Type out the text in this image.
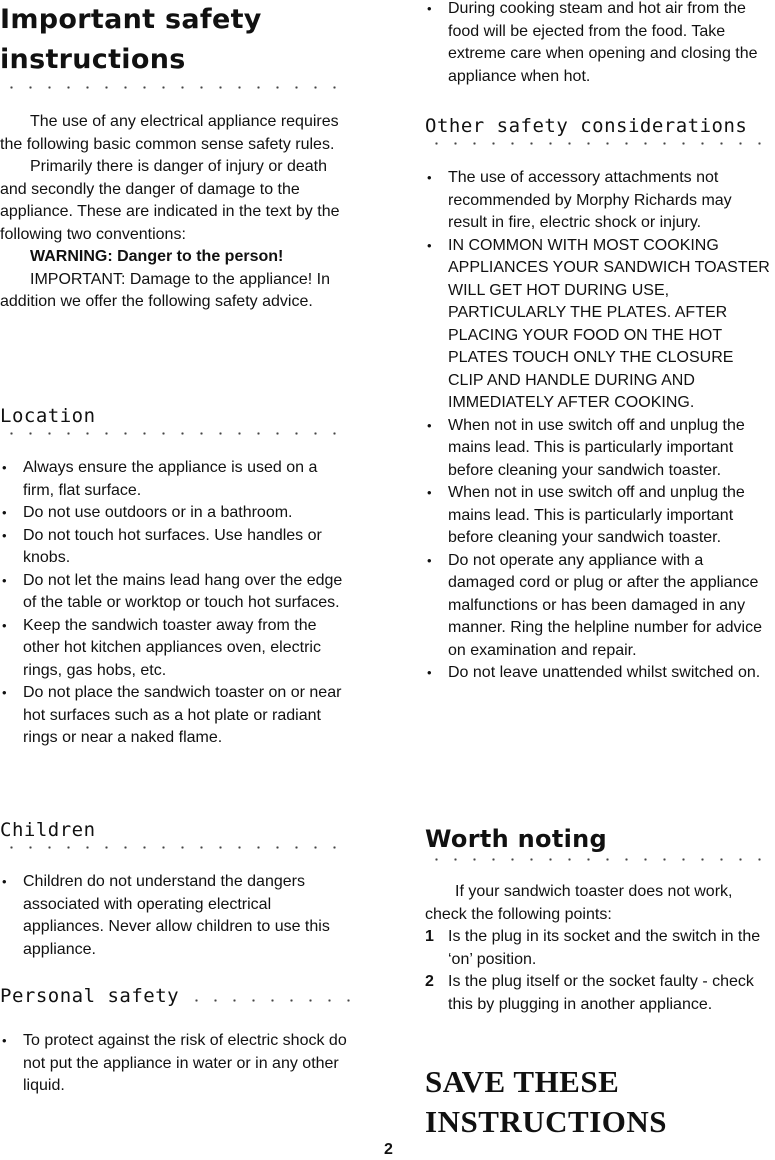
Important safety
instructions

The use of any electrical appliance requires the following basic common sense safety rules.

Primarily there is danger of injury or death and secondly the danger of damage to the appliance. These are indicated in the text by the following two conventions:

WARNING: Danger to the person!

IMPORTANT: Damage to the appliance! In addition we offer the following safety advice.

Location
• Always ensure the appliance is used on a firm, flat surface.
• Do not use outdoors or in a bathroom.
• Do not touch hot surfaces. Use handles or knobs.
• Do not let the mains lead hang over the edge of the table or worktop or touch hot surfaces.
• Keep the sandwich toaster away from the other hot kitchen appliances oven, electric rings, gas hobs, etc.
• Do not place the sandwich toaster on or near hot surfaces such as a hot plate or radiant rings or near a naked flame.
Children
• Children do not understand the dangers associated with operating electrical appliances. Never allow children to use this appliance.
Personal safety
• To protect against the risk of electric shock do not put the appliance in water or in any other liquid.
• During cooking steam and hot air from the food will be ejected from the food. Take extreme care when opening and closing the appliance when hot.
Other safety considerations
• The use of accessory attachments not recommended by Morphy Richards may result in fire, electric shock or injury.
• IN COMMON WITH MOST COOKING APPLIANCES YOUR SANDWICH TOASTER WILL GET HOT DURING USE, PARTICULARLY THE PLATES. AFTER PLACING YOUR FOOD ON THE HOT PLATES TOUCH ONLY THE CLOSURE CLIP AND HANDLE DURING AND IMMEDIATELY AFTER COOKING.
• When not in use switch off and unplug the mains lead. This is particularly important before cleaning your sandwich toaster.
• When not in use switch off and unplug the mains lead. This is particularly important before cleaning your sandwich toaster.
• Do not operate any appliance with a damaged cord or plug or after the appliance malfunctions or has been damaged in any manner. Ring the helpline number for advice on examination and repair.
• Do not leave unattended whilst switched on.
Worth noting

If your sandwich toaster does not work, check the following points:

1 Is the plug in its socket and the switch in the ‘on’ position.
2 Is the plug itself or the socket faulty - check this by plugging in another appliance.

SAVE THESE

INSTRUCTIONS

2
